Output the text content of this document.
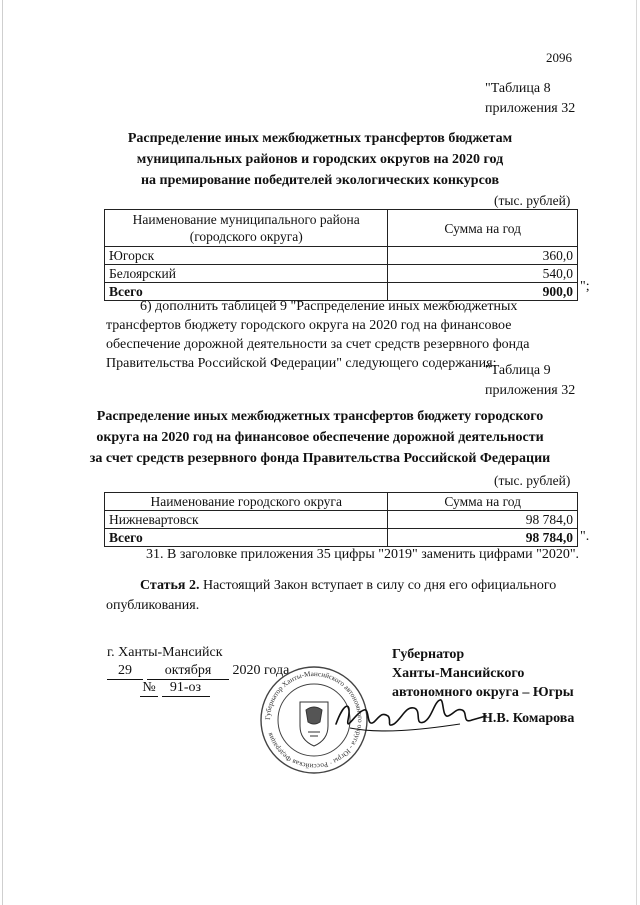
2096
"Таблица 8
приложения 32
Распределение иных межбюджетных трансфертов бюджетам
муниципальных районов и городских округов на 2020 год
на премирование победителей экологических конкурсов
(тыс. рублей)
Наименование муниципального района
(городского округа)	Сумма на год
Югорск	360,0
Белоярский	540,0
Всего	900,0 ";
6) дополнить таблицей 9 "Распределение иных межбюджетных
трансфертов бюджету городского округа на 2020 год на финансовое
обеспечение дорожной деятельности за счет средств резервного фонда
Правительства Российской Федерации" следующего содержания:
"Таблица 9
приложения 32
Распределение иных межбюджетных трансфертов бюджету городского
округа на 2020 год на финансовое обеспечение дорожной деятельности
за счет средств резервного фонда Правительства Российской Федерации
(тыс. рублей)
Наименование городского округа	Сумма на год
Нижневартовск	98 784,0
Всего	98 784,0 ".
31. В заголовке приложения 35 цифры "2019" заменить цифрами "2020".
Статья 2. Настоящий Закон вступает в силу со дня его официального
опубликования.
г. Ханты-Мансийск
29 октября 2020 года
№ 91-оз
Губернатор
Ханты-Мансийского
автономного округа – Югры
Н.В. Комарова
Губернатор Ханты-Мансийского автономного округа - Югры · Российская Федерация
